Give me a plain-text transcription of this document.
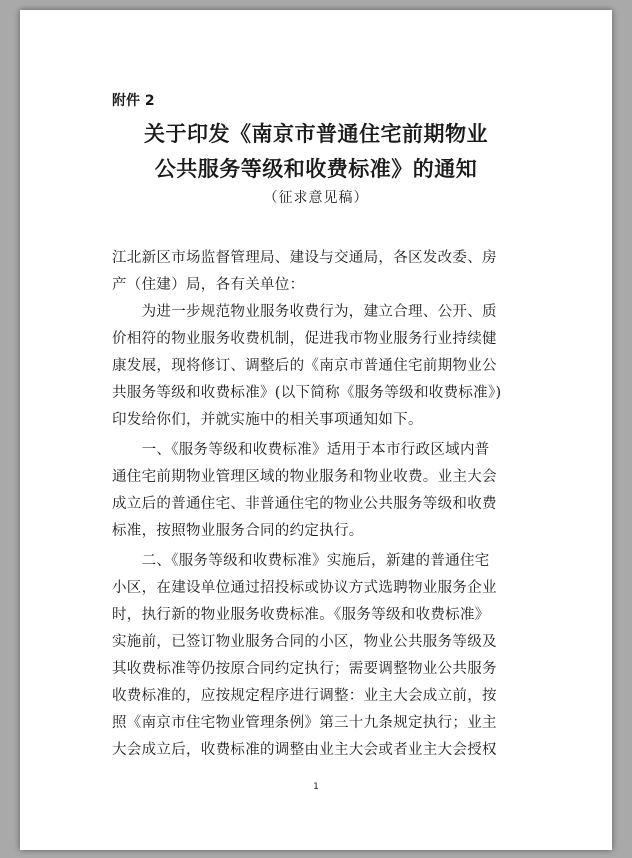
附件 2
关于印发《南京市普通住宅前期物业
公共服务等级和收费标准》的通知
（征求意见稿）
江北新区市场监督管理局、建设与交通局，各区发改委、房
产（住建）局，各有关单位：
　　为进一步规范物业服务收费行为，建立合理、公开、质
价相符的物业服务收费机制，促进我市物业服务行业持续健
康发展，现将修订、调整后的《南京市普通住宅前期物业公
共服务等级和收费标准》(以下简称《服务等级和收费标准》)
印发给你们，并就实施中的相关事项通知如下。
　　一、《服务等级和收费标准》适用于本市行政区域内普
通住宅前期物业管理区域的物业服务和物业收费。业主大会
成立后的普通住宅、非普通住宅的物业公共服务等级和收费
标准，按照物业服务合同的约定执行。
　　二、《服务等级和收费标准》实施后，新建的普通住宅
小区，在建设单位通过招投标或协议方式选聘物业服务企业
时，执行新的物业服务收费标准。《服务等级和收费标准》
实施前，已签订物业服务合同的小区，物业公共服务等级及
其收费标准等仍按原合同约定执行；需要调整物业公共服务
收费标准的，应按规定程序进行调整：业主大会成立前，按
照《南京市住宅物业管理条例》第三十九条规定执行；业主
大会成立后，收费标准的调整由业主大会或者业主大会授权
1
